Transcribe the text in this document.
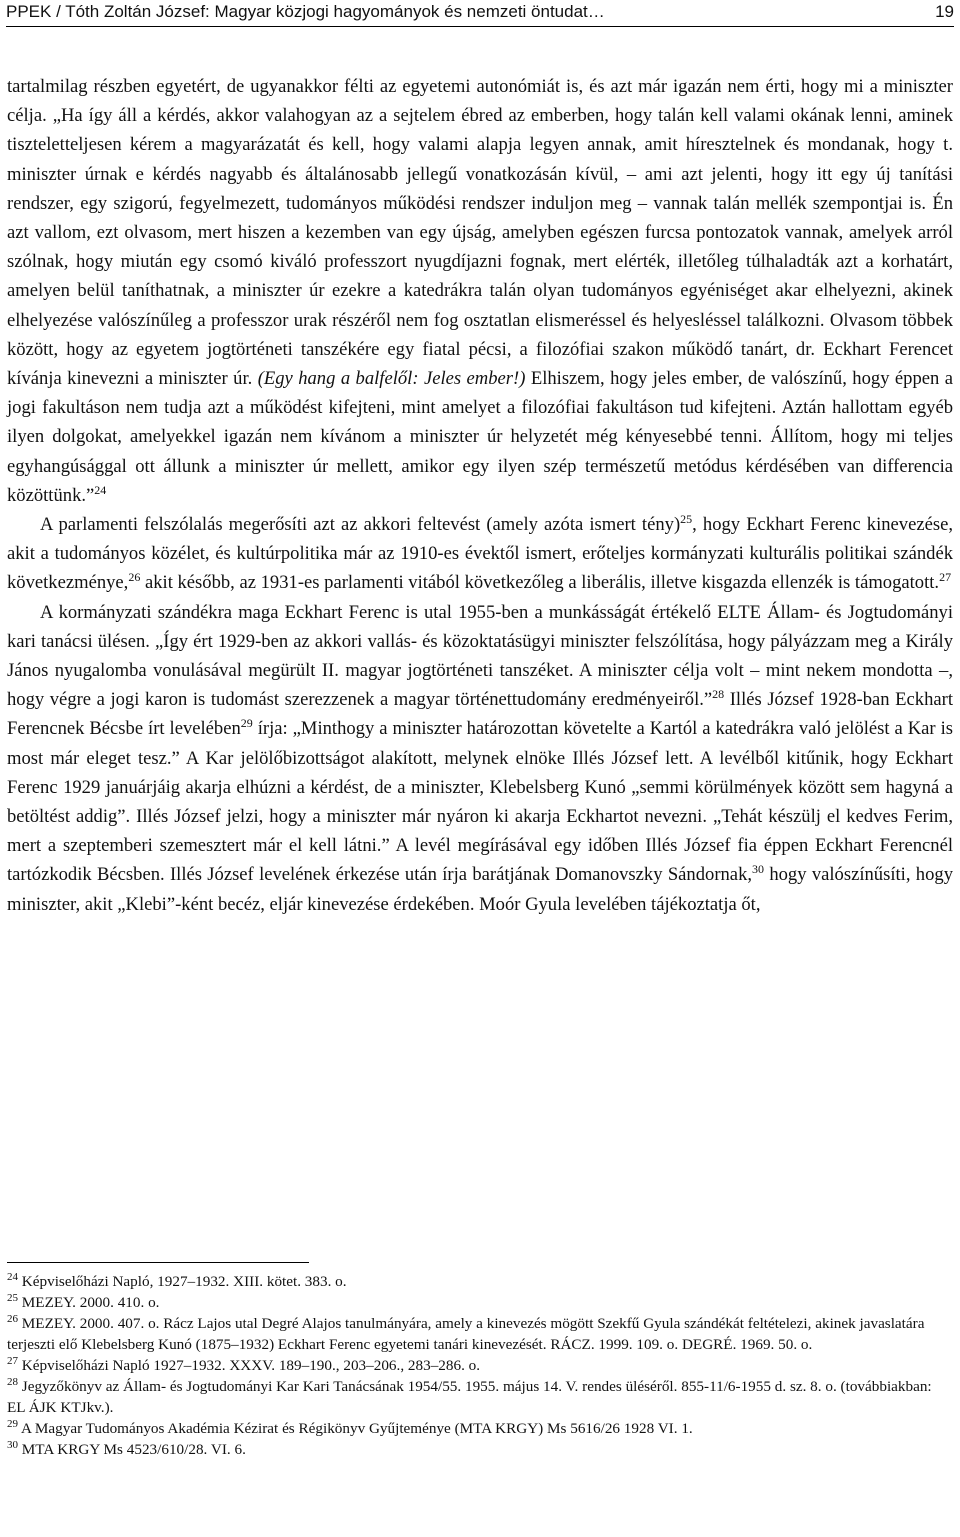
PPEK / Tóth Zoltán József: Magyar közjogi hagyományok és nemzeti öntudat…	19

tartalmilag részben egyetért, de ugyanakkor félti az egyetemi autonómiát is, és azt már igazán nem érti, hogy mi a miniszter célja. „Ha így áll a kérdés, akkor valahogyan az a sejtelem ébred az emberben, hogy talán kell valami okának lenni, aminek tiszteletteljesen kérem a magyarázatát és kell, hogy valami alapja legyen annak, amit híresztelnek és mondanak, hogy t. miniszter úrnak e kérdés nagyabb és általánosabb jellegű vonatkozásán kívül, – ami azt jelenti, hogy itt egy új tanítási rendszer, egy szigorú, fegyelmezett, tudományos működési rendszer induljon meg – vannak talán mellék szempontjai is. Én azt vallom, ezt olvasom, mert hiszen a kezemben van egy újság, amelyben egészen furcsa pontozatok vannak, amelyek arról szólnak, hogy miután egy csomó kiváló professzort nyugdíjazni fognak, mert elérték, illetőleg túlhaladták azt a korhatárt, amelyen belül taníthatnak, a miniszter úr ezekre a katedrákra talán olyan tudományos egyéniséget akar elhelyezni, akinek elhelyezése valószínűleg a professzor urak részéről nem fog osztatlan elismeréssel és helyesléssel találkozni. Olvasom többek között, hogy az egyetem jogtörténeti tanszékére egy fiatal pécsi, a filozófiai szakon működő tanárt, dr. Eckhart Ferencet kívánja kinevezni a miniszter úr. (Egy hang a balfelől: Jeles ember!) Elhiszem, hogy jeles ember, de valószínű, hogy éppen a jogi fakultáson nem tudja azt a működést kifejteni, mint amelyet a filozófiai fakultáson tud kifejteni. Aztán hallottam egyéb ilyen dolgokat, amelyekkel igazán nem kívánom a miniszter úr helyzetét még kényesebbé tenni. Állítom, hogy mi teljes egyhangúsággal ott állunk a miniszter úr mellett, amikor egy ilyen szép természetű metódus kérdésében van differencia közöttünk.”$^{24}$

A parlamenti felszólalás megerősíti azt az akkori feltevést (amely azóta ismert tény)$^{25}$, hogy Eckhart Ferenc kinevezése, akit a tudományos közélet, és kultúrpolitika már az 1910-es évektől ismert, erőteljes kormányzati kulturális politikai szándék következménye,$^{26}$ akit később, az 1931-es parlamenti vitából következőleg a liberális, illetve kisgazda ellenzék is támogatott.$^{27}$

A kormányzati szándékra maga Eckhart Ferenc is utal 1955-ben a munkásságát értékelő ELTE Állam- és Jogtudományi kari tanácsi ülésen. „Így ért 1929-ben az akkori vallás- és közoktatásügyi miniszter felszólítása, hogy pályázzam meg a Király János nyugalomba vonulásával megürült II. magyar jogtörténeti tanszéket. A miniszter célja volt – mint nekem mondotta –, hogy végre a jogi karon is tudomást szerezzenek a magyar történettudomány eredményeiről.”$^{28}$ Illés József 1928-ban Eckhart Ferencnek Bécsbe írt levelében$^{29}$ írja: „Minthogy a miniszter határozottan követelte a Kartól a katedrákra való jelölést a Kar is most már eleget tesz.” A Kar jelölőbizottságot alakított, melynek elnöke Illés József lett. A levélből kitűnik, hogy Eckhart Ferenc 1929 januárjáig akarja elhúzni a kérdést, de a miniszter, Klebelsberg Kunó „semmi körülmények között sem hagyná a betöltést addig”. Illés József jelzi, hogy a miniszter már nyáron ki akarja Eckhartot nevezni. „Tehát készülj el kedves Ferim, mert a szeptemberi szemesztert már el kell látni.” A levél megírásával egy időben Illés József fia éppen Eckhart Ferencnél tartózkodik Bécsben. Illés József levelének érkezése után írja barátjának Domanovszky Sándornak,$^{30}$ hogy valószínűsíti, hogy miniszter, akit „Klebi”-ként becéz, eljár kinevezése érdekében. Moór Gyula levelében tájékoztatja őt,

$^{24}$ Képviselőházi Napló, 1927–1932. XIII. kötet. 383. o.

$^{25}$ MEZEY. 2000. 410. o.

$^{26}$ MEZEY. 2000. 407. o. Rácz Lajos utal Degré Alajos tanulmányára, amely a kinevezés mögött Szekfű Gyula szándékát feltételezi, akinek javaslatára terjeszti elő Klebelsberg Kunó (1875–1932) Eckhart Ferenc egyetemi tanári kinevezését. RÁCZ. 1999. 109. o. DEGRÉ. 1969. 50. o.

$^{27}$ Képviselőházi Napló 1927–1932. XXXV. 189–190., 203–206., 283–286. o.

$^{28}$ Jegyzőkönyv az Állam- és Jogtudományi Kar Kari Tanácsának 1954/55. 1955. május 14. V. rendes üléséről. 855-11/6-1955 d. sz. 8. o. (továbbiakban: EL ÁJK KTJkv.).

$^{29}$ A Magyar Tudományos Akadémia Kézirat és Régikönyv Gyűjteménye (MTA KRGY) Ms 5616/26 1928 VI. 1.

$^{30}$ MTA KRGY Ms 4523/610/28. VI. 6.
